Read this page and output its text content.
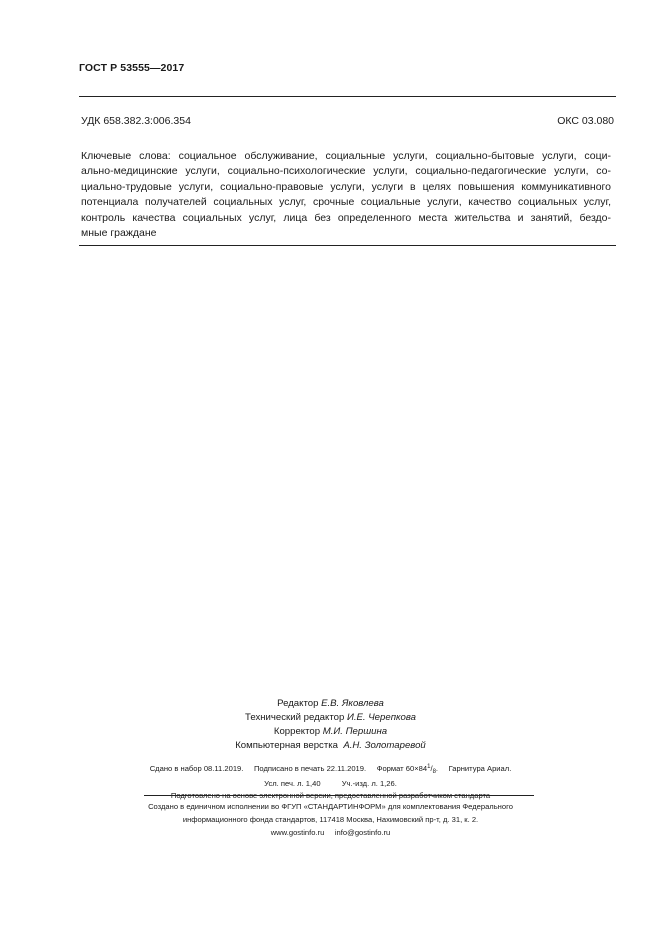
ГОСТ Р 53555—2017
УДК 658.382.3:006.354	ОКС 03.080
Ключевые слова: социальное обслуживание, социальные услуги, социально-бытовые услуги, соци-
ально-медицинские услуги, социально-психологические услуги, социально-педагогические услуги, со-
циально-трудовые услуги, социально-правовые услуги, услуги в целях повышения коммуникативного
потенциала получателей социальных услуг, срочные социальные услуги, качество социальных услуг,
контроль качества социальных услуг, лица без определенного места жительства и занятий, бездо-
мные граждане
Редактор Е.В. Яковлева
Технический редактор И.Е. Черепкова
Корректор М.И. Першина
Компьютерная верстка А.Н. Золотаревой
Сдано в набор 08.11.2019. Подписано в печать 22.11.2019. Формат 60×841/8. Гарнитура Ариал.
Усл. печ. л. 1,40	Уч.-изд. л. 1,26.
Подготовлено на основе электронной версии, предоставленной разработчиком стандарта
Создано в единичном исполнении во ФГУП «СТАНДАРТИНФОРМ» для комплектования Федерального
информационного фонда стандартов, 117418 Москва, Нахимовский пр-т, д. 31, к. 2.
www.gostinfo.ru info@gostinfo.ru
